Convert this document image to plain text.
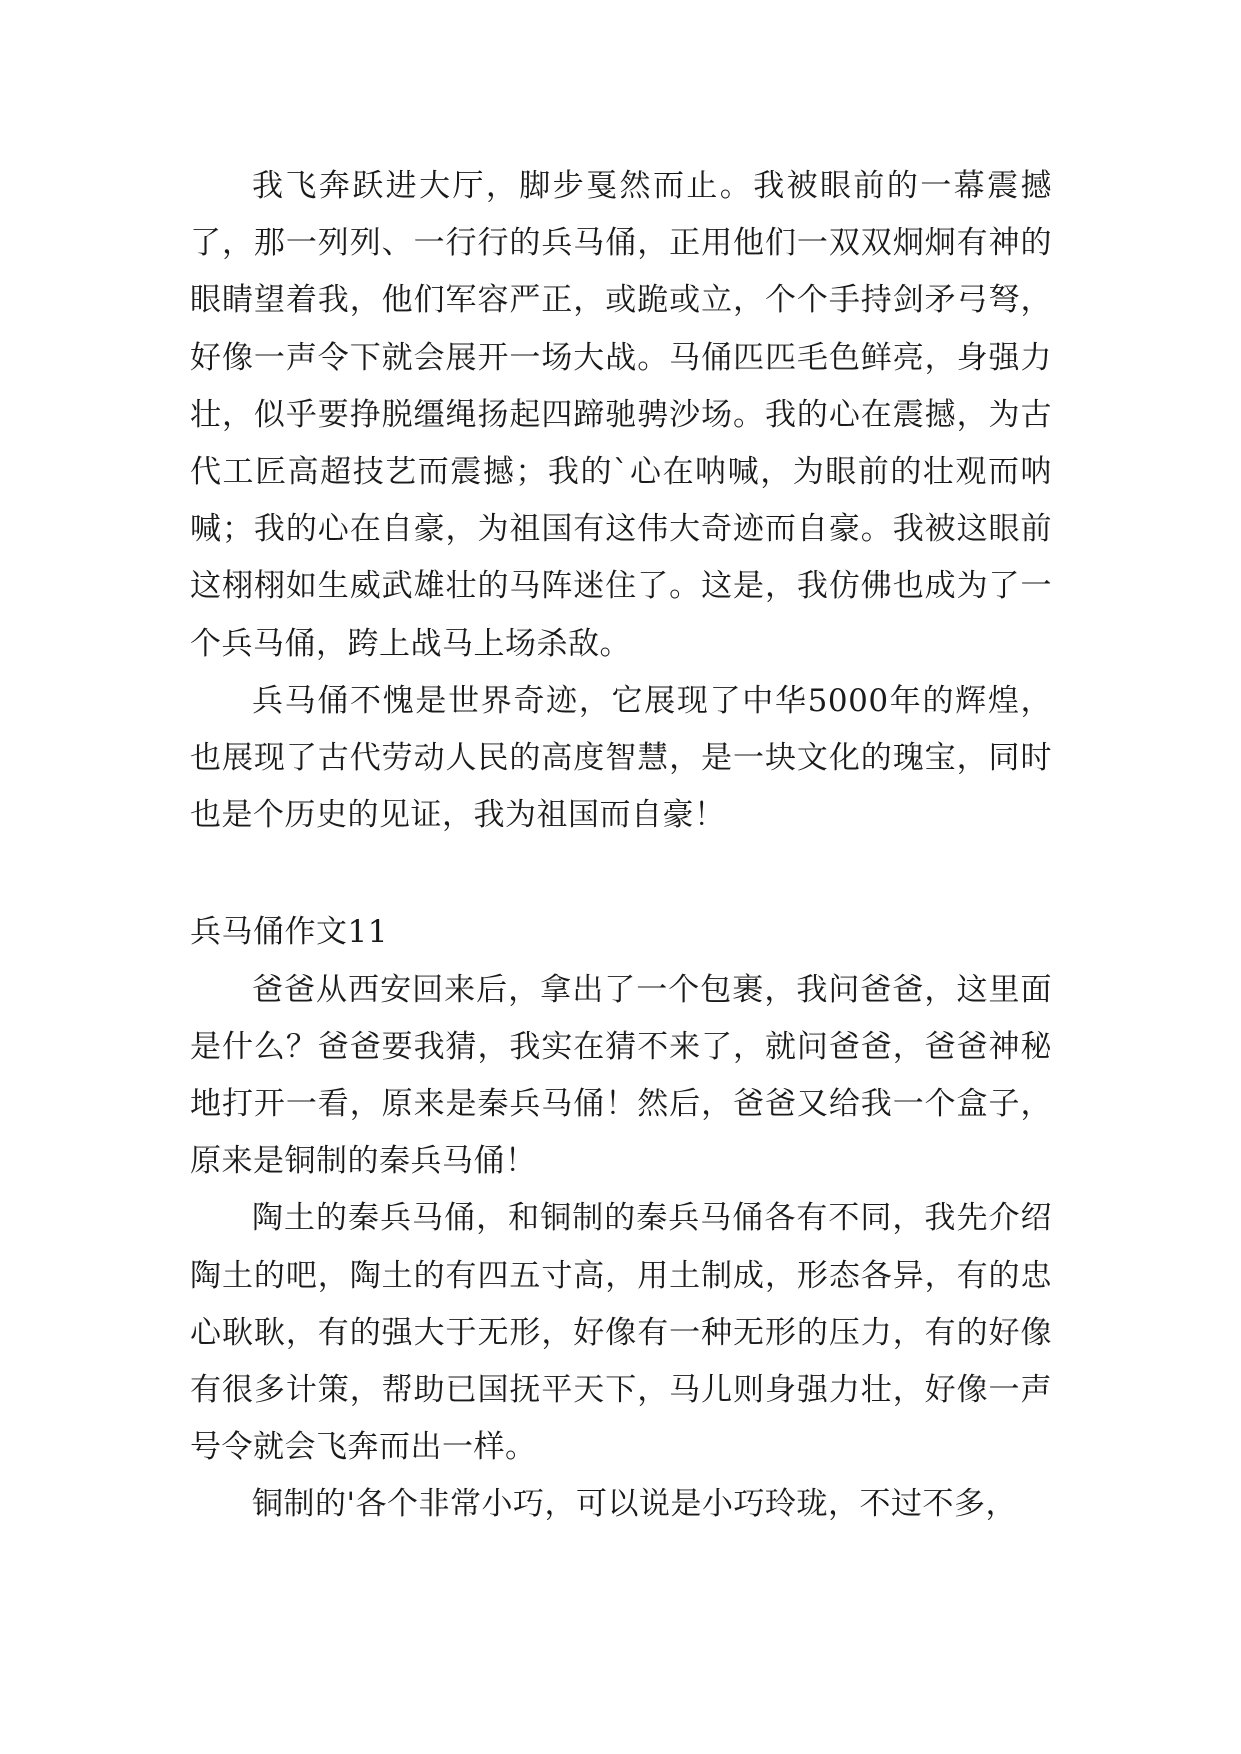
我飞奔跃进大厅，脚步戛然而止。我被眼前的一幕震撼了，那一列列、一行行的兵马俑，正用他们一双双炯炯有神的眼睛望着我，他们军容严正，或跪或立，个个手持剑矛弓弩，好像一声令下就会展开一场大战。马俑匹匹毛色鲜亮，身强力壮，似乎要挣脱缰绳扬起四蹄驰骋沙场。我的心在震撼，为古代工匠高超技艺而震撼；我的`心在呐喊，为眼前的壮观而呐喊；我的心在自豪，为祖国有这伟大奇迹而自豪。我被这眼前这栩栩如生威武雄壮的马阵迷住了。这是，我仿佛也成为了一个兵马俑，跨上战马上场杀敌。

兵马俑不愧是世界奇迹，它展现了中华5000年的辉煌，也展现了古代劳动人民的高度智慧，是一块文化的瑰宝，同时也是个历史的见证，我为祖国而自豪！

兵马俑作文11

爸爸从西安回来后，拿出了一个包裹，我问爸爸，这里面是什么？爸爸要我猜，我实在猜不来了，就问爸爸，爸爸神秘地打开一看，原来是秦兵马俑！然后，爸爸又给我一个盒子，原来是铜制的秦兵马俑！

陶土的秦兵马俑，和铜制的秦兵马俑各有不同，我先介绍陶土的吧，陶土的有四五寸高，用土制成，形态各异，有的忠心耿耿，有的强大于无形，好像有一种无形的压力，有的好像有很多计策，帮助已国抚平天下，马儿则身强力壮，好像一声号令就会飞奔而出一样。

铜制的'各个非常小巧，可以说是小巧玲珑，不过不多，
